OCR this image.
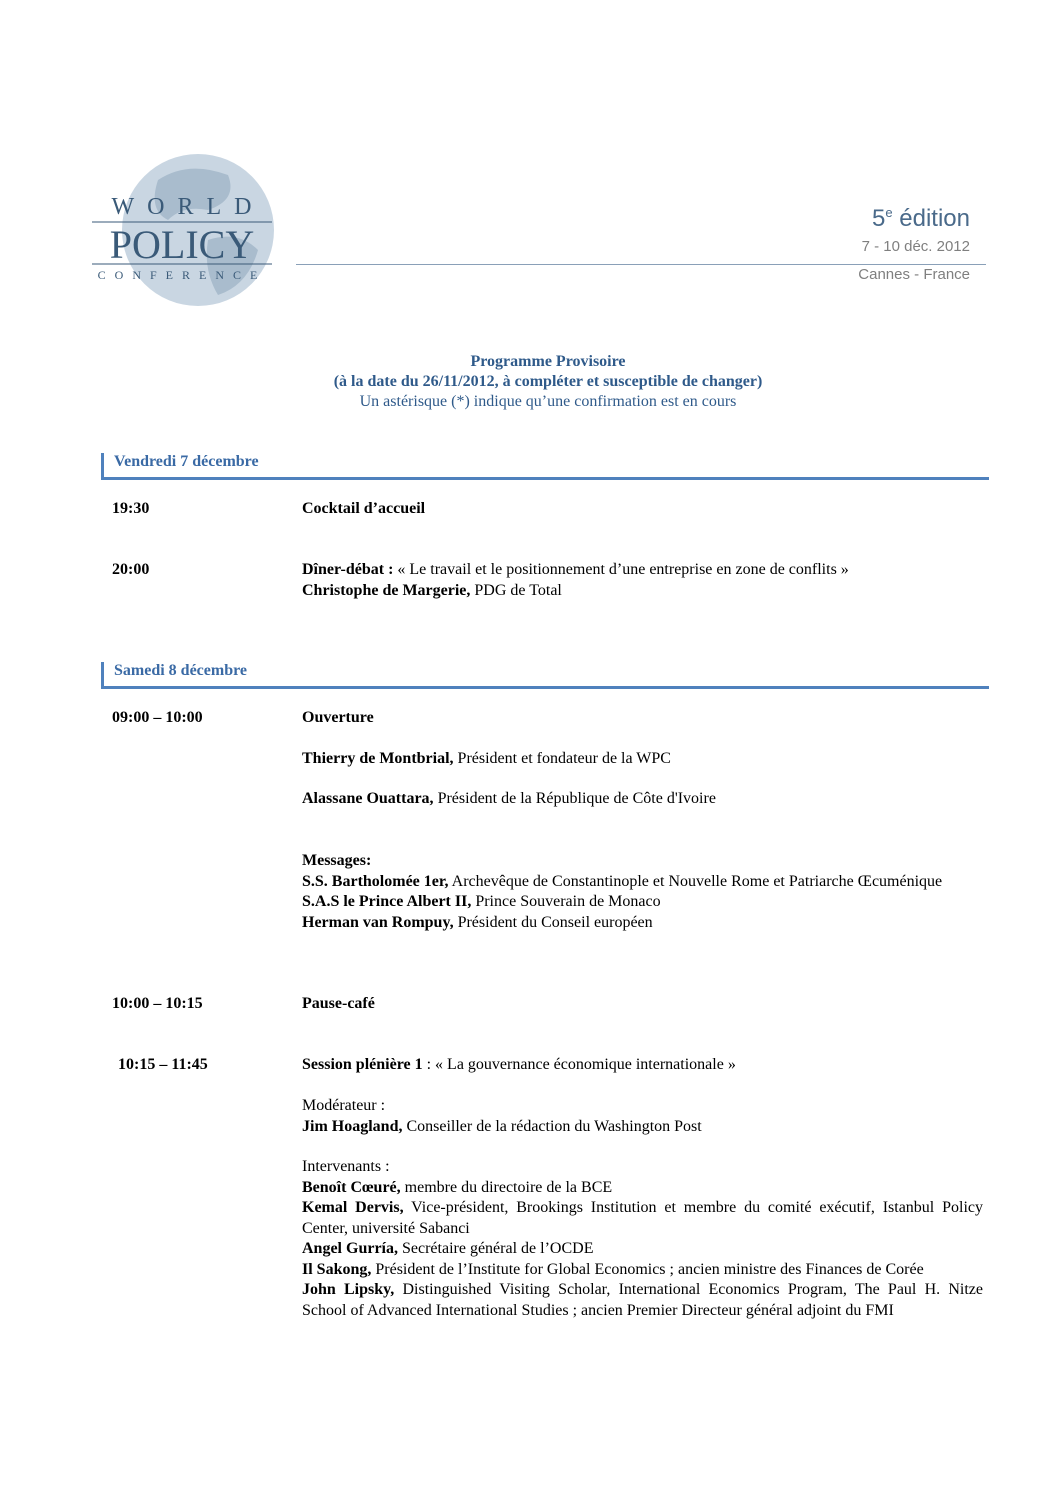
WORLD
POLICY
CONFERENCE
5e édition
7 - 10 déc. 2012
Cannes - France
Programme Provisoire
(à la date du 26/11/2012, à compléter et susceptible de changer)
Un astérisque (*) indique qu’une confirmation est en cours
Vendredi 7 décembre
19:30	Cocktail d’accueil
20:00	Dîner-débat : « Le travail et le positionnement d’une entreprise en zone de conflits »
Christophe de Margerie, PDG de Total
Samedi 8 décembre
09:00 – 10:00	Ouverture
Thierry de Montbrial, Président et fondateur de la WPC
Alassane Ouattara, Président de la République de Côte d'Ivoire
Messages:
S.S. Bartholomée 1er, Archevêque de Constantinople et Nouvelle Rome et Patriarche Œcuménique
S.A.S le Prince Albert II, Prince Souverain de Monaco
Herman van Rompuy, Président du Conseil européen
10:00 – 10:15	Pause-café
10:15 – 11:45	Session plénière 1 : « La gouvernance économique internationale »
Modérateur :
Jim Hoagland, Conseiller de la rédaction du Washington Post
Intervenants :
Benoît Cœuré, membre du directoire de la BCE
Kemal Dervis, Vice-président, Brookings Institution et membre du comité exécutif, Istanbul Policy Center, université Sabanci
Angel Gurría, Secrétaire général de l’OCDE
Il Sakong, Président de l’Institute for Global Economics ; ancien ministre des Finances de Corée
John Lipsky, Distinguished Visiting Scholar, International Economics Program, The Paul H. Nitze School of Advanced International Studies ; ancien Premier Directeur général adjoint du FMI
